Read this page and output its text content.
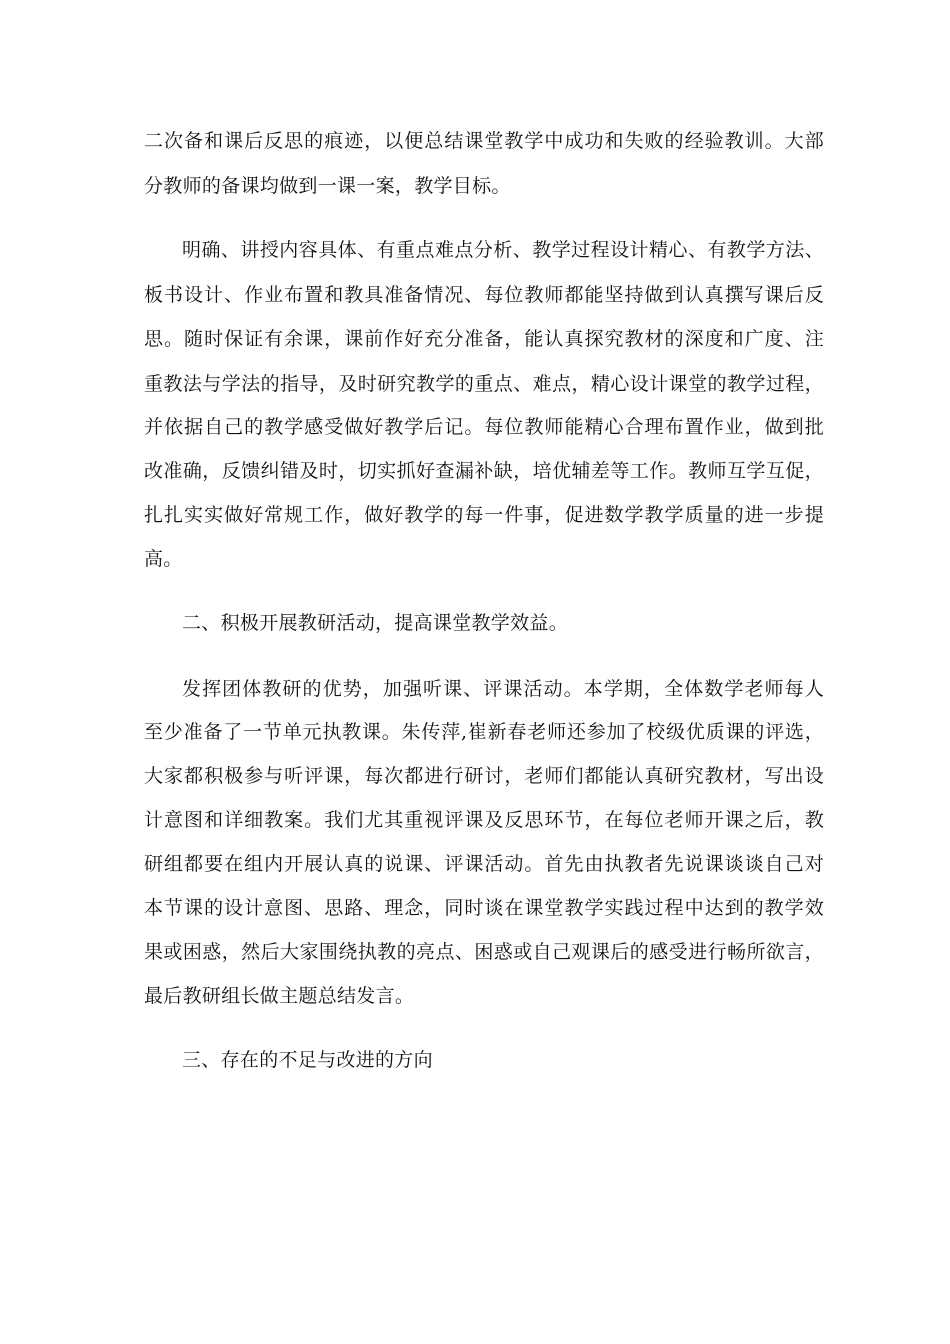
二次备和课后反思的痕迹，以便总结课堂教学中成功和失败的经验教训。大部
分教师的备课均做到一课一案，教学目标。
明确、讲授内容具体、有重点难点分析、教学过程设计精心、有教学方法、
板书设计、作业布置和教具准备情况、每位教师都能坚持做到认真撰写课后反
思。随时保证有余课，课前作好充分准备，能认真探究教材的深度和广度、注
重教法与学法的指导，及时研究教学的重点、难点，精心设计课堂的教学过程，
并依据自己的教学感受做好教学后记。每位教师能精心合理布置作业，做到批
改准确，反馈纠错及时，切实抓好查漏补缺，培优辅差等工作。教师互学互促，
扎扎实实做好常规工作，做好教学的每一件事，促进数学教学质量的进一步提
高。
二、积极开展教研活动，提高课堂教学效益。
发挥团体教研的优势，加强听课、评课活动。本学期，全体数学老师每人
至少准备了一节单元执教课。朱传萍,崔新春老师还参加了校级优质课的评选，
大家都积极参与听评课，每次都进行研讨，老师们都能认真研究教材，写出设
计意图和详细教案。我们尤其重视评课及反思环节，在每位老师开课之后，教
研组都要在组内开展认真的说课、评课活动。首先由执教者先说课谈谈自己对
本节课的设计意图、思路、理念，同时谈在课堂教学实践过程中达到的教学效
果或困惑，然后大家围绕执教的亮点、困惑或自己观课后的感受进行畅所欲言，
最后教研组长做主题总结发言。
三、存在的不足与改进的方向
